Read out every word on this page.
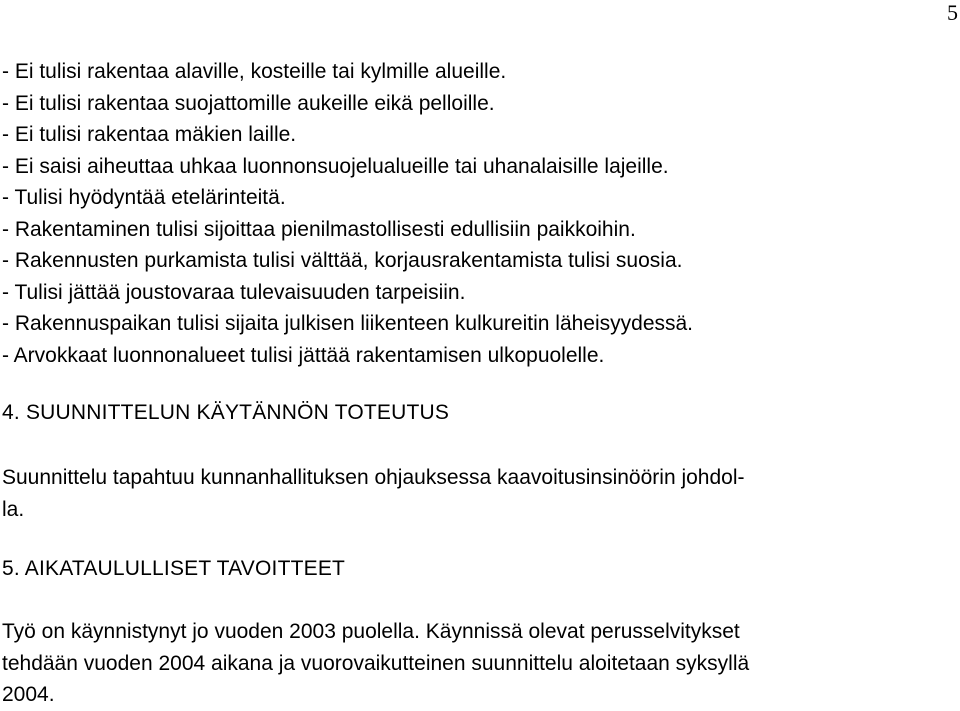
5
- Ei tulisi rakentaa alaville, kosteille tai kylmille alueille.
- Ei tulisi rakentaa suojattomille aukeille eikä pelloille.
- Ei tulisi rakentaa mäkien laille.
- Ei saisi aiheuttaa uhkaa luonnonsuojelualueille tai uhanalaisille lajeille.
- Tulisi hyödyntää etelärinteitä.
- Rakentaminen tulisi sijoittaa pienilmastollisesti edullisiin paikkoihin.
- Rakennusten purkamista tulisi välttää, korjausrakentamista tulisi suosia.
- Tulisi jättää joustovaraa tulevaisuuden tarpeisiin.
- Rakennuspaikan tulisi sijaita julkisen liikenteen kulkureitin läheisyydessä.
- Arvokkaat luonnonalueet tulisi jättää rakentamisen ulkopuolelle.
4. SUUNNITTELUN KÄYTÄNNÖN TOTEUTUS
Suunnittelu tapahtuu kunnanhallituksen ohjauksessa kaavoitusinsinöörin johdol-
la.
5. AIKATAULULLISET TAVOITTEET
Työ on käynnistynyt jo vuoden 2003 puolella. Käynnissä olevat perusselvitykset
tehdään vuoden 2004 aikana ja vuorovaikutteinen suunnittelu aloitetaan syksyllä
2004.
